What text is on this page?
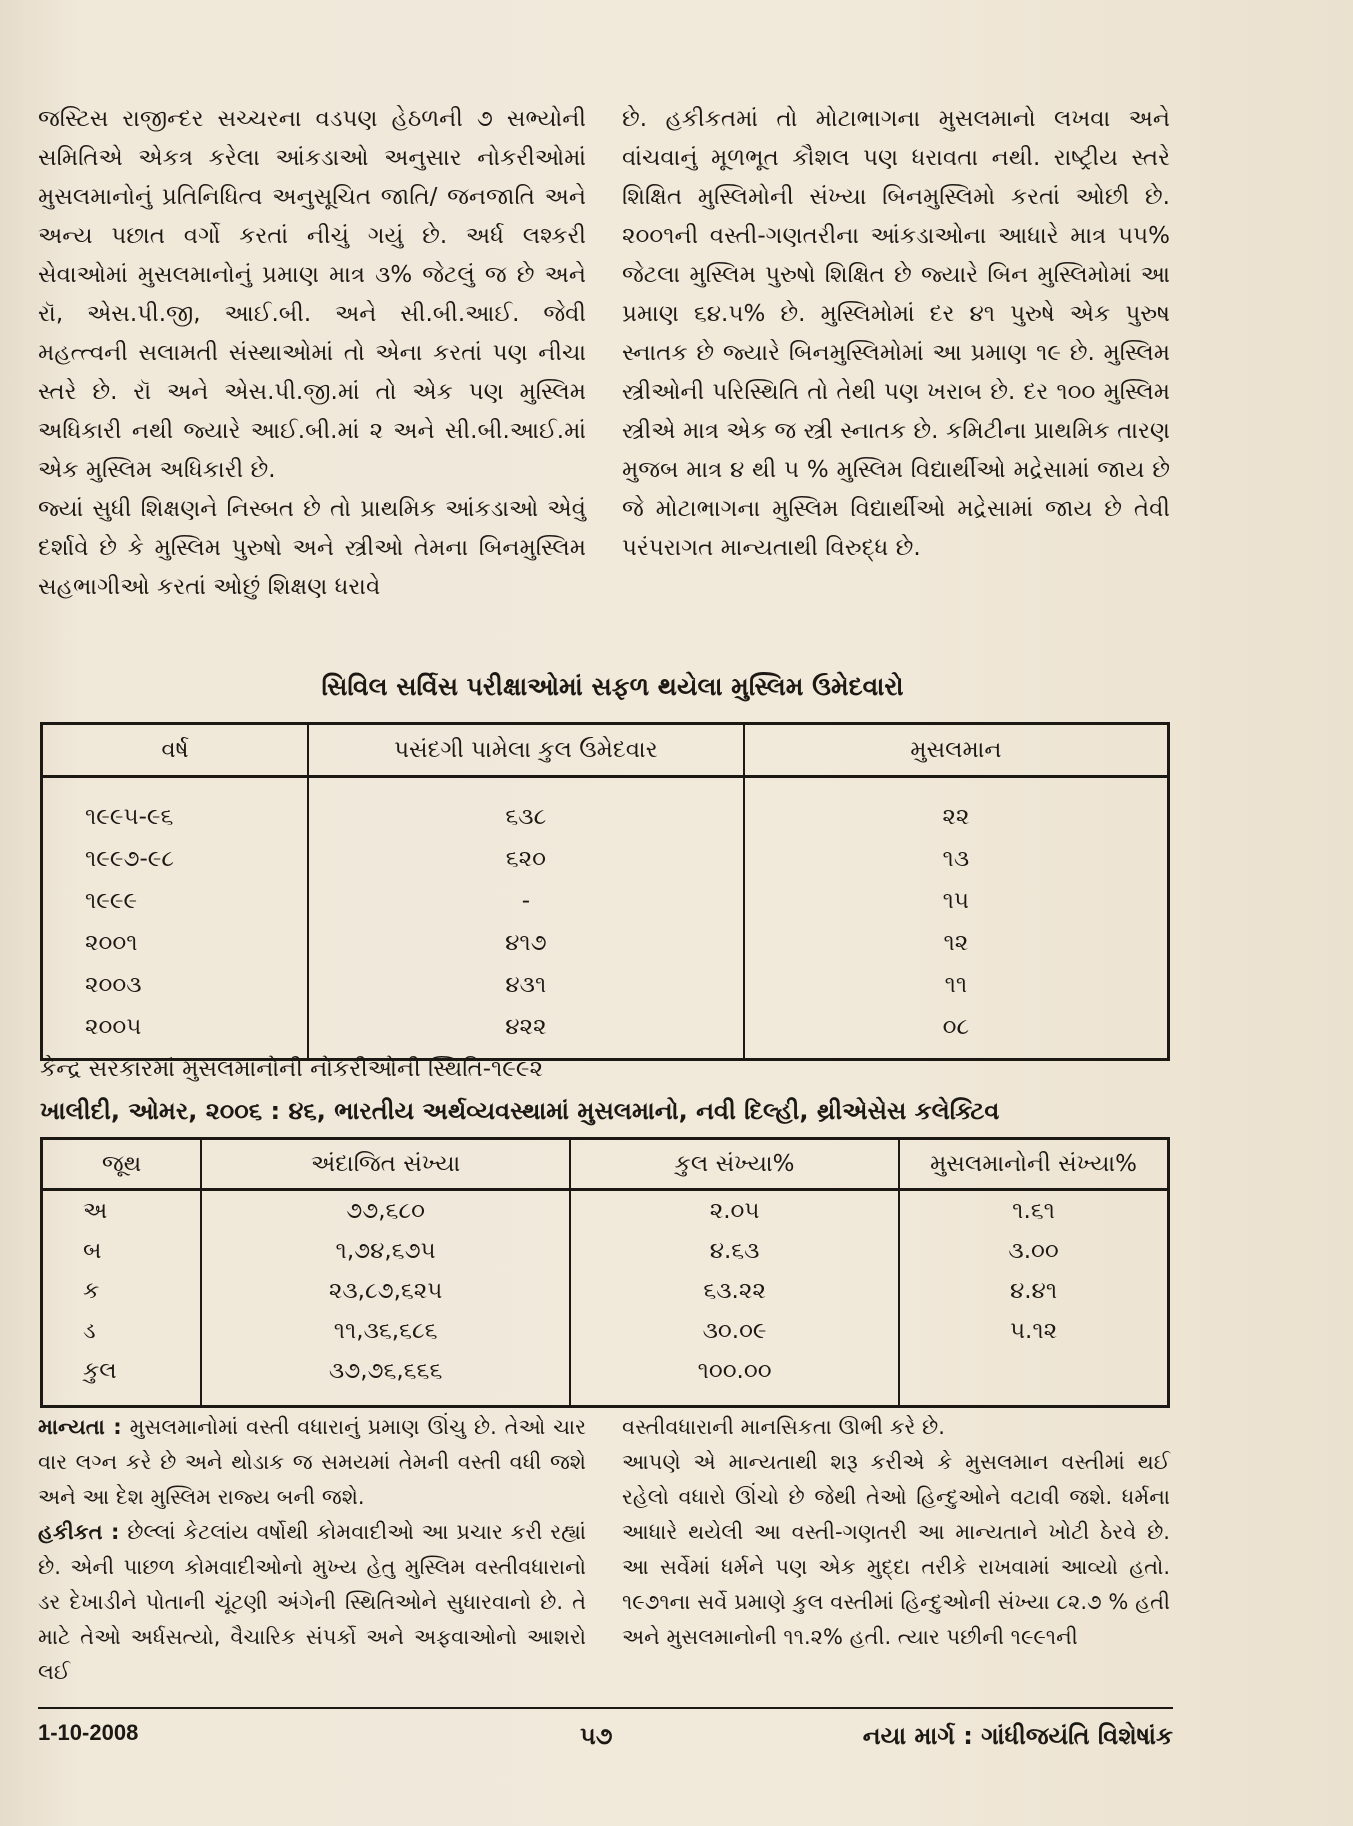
જસ્ટિસ રાજીન્દર સચ્ચરના વડપણ હેઠળની ૭ સભ્યોની સમિતિએ એકત્ર કરેલા આંકડાઓ અનુસાર નોકરીઓમાં મુસલમાનોનું પ્રતિનિધિત્વ અનુસૂચિત જાતિ/ જનજાતિ અને અન્ય પછાત વર્ગો કરતાં નીચું ગયું છે. અર્ધ લશ્કરી સેવાઓમાં મુસલમાનોનું પ્રમાણ માત્ર ૩% જેટલું જ છે અને રૉ, એસ.પી.જી, આઈ.બી. અને સી.બી.આઈ. જેવી મહત્ત્વની સલામતી સંસ્થાઓમાં તો એના કરતાં પણ નીચા સ્તરે છે. રૉ અને એસ.પી.જી.માં તો એક પણ મુસ્લિમ અધિકારી નથી જ્યારે આઈ.બી.માં ૨ અને સી.બી.આઈ.માં એક મુસ્લિમ અધિકારી છે.

જ્યાં સુધી શિક્ષણને નિસ્બત છે તો પ્રાથમિક આંકડાઓ એવું દર્શાવે છે કે મુસ્લિમ પુરુષો અને સ્ત્રીઓ તેમના બિનમુસ્લિમ સહભાગીઓ કરતાં ઓછું શિક્ષણ ધરાવે

છે. હકીકતમાં તો મોટાભાગના મુસલમાનો લખવા અને વાંચવાનું મૂળભૂત કૌશલ પણ ધરાવતા નથી. રાષ્ટ્રીય સ્તરે શિક્ષિત મુસ્લિમોની સંખ્યા બિનમુસ્લિમો કરતાં ઓછી છે. ૨૦૦૧ની વસ્તી-ગણતરીના આંકડાઓના આધારે માત્ર ૫૫% જેટલા મુસ્લિમ પુરુષો શિક્ષિત છે જ્યારે બિન મુસ્લિમોમાં આ પ્રમાણ ૬૪.૫% છે. મુસ્લિમોમાં દર ૪૧ પુરુષે એક પુરુષ સ્નાતક છે જ્યારે બિનમુસ્લિમોમાં આ પ્રમાણ ૧૯ છે. મુસ્લિમ સ્ત્રીઓની પરિસ્થિતિ તો તેથી પણ ખરાબ છે. દર ૧૦૦ મુસ્લિમ સ્ત્રીએ માત્ર એક જ સ્ત્રી સ્નાતક છે. કમિટીના પ્રાથમિક તારણ મુજબ માત્ર ૪ થી ૫ % મુસ્લિમ વિદ્યાર્થીઓ મદ્રેસામાં જાય છે જે મોટાભાગના મુસ્લિમ વિદ્યાર્થીઓ મદ્રેસામાં જાય છે તેવી પરંપરાગત માન્યતાથી વિરુદ્ધ છે.

સિવિલ સર્વિસ પરીક્ષાઓમાં સફળ થયેલા મુસ્લિમ ઉમેદવારો
વર્ષ	પસંદગી પામેલા કુલ ઉમેદવાર	મુસલમાન
૧૯૯૫-૯૬	૬૩૮	૨૨
૧૯૯૭-૯૮	૬૨૦	૧૩
૧૯૯૯	-	૧૫
૨૦૦૧	૪૧૭	૧૨
૨૦૦૩	૪૩૧	૧૧
૨૦૦૫	૪૨૨	૦૮
કેન્દ્ર સરકારમાં મુસલમાનોની નોકરીઓની સ્થિતિ-૧૯૯૨
ખાલીદી, ઓમર, ૨૦૦૬ : ૪૬, ભારતીય અર્થવ્યવસ્થામાં મુસલમાનો, નવી દિલ્હી, થ્રીએસેસ કલેક્ટિવ
જૂથ	અંદાજિત સંખ્યા	કુલ સંખ્યા%	મુસલમાનોની સંખ્યા%
અ	૭૭,૬૮૦	૨.૦૫	૧.૬૧
બ	૧,૭૪,૬૭૫	૪.૬૩	૩.૦૦
ક	૨૩,૮૭,૬૨૫	૬૩.૨૨	૪.૪૧
ડ	૧૧,૩૬,૬૮૬	૩૦.૦૯	૫.૧૨
કુલ	૩૭,૭૬,૬૬૬	૧૦૦.૦૦	

માન્યતા : મુસલમાનોમાં વસ્તી વધારાનું પ્રમાણ ઊંચુ છે. તેઓ ચાર વાર લગ્ન કરે છે અને થોડાક જ સમયમાં તેમની વસ્તી વધી જશે અને આ દેશ મુસ્લિમ રાજ્ય બની જશે.

હકીકત : છેલ્લાં કેટલાંય વર્ષોથી કોમવાદીઓ આ પ્રચાર કરી રહ્યાં છે. એની પાછળ કોમવાદીઓનો મુખ્ય હેતુ મુસ્લિમ વસ્તીવધારાનો ડર દેખાડીને પોતાની ચૂંટણી અંગેની સ્થિતિઓને સુધારવાનો છે. તે માટે તેઓ અર્ધસત્યો, વૈચારિક સંપર્કો અને અફવાઓનો આશરો લઈ

વસ્તીવધારાની માનસિકતા ઊભી કરે છે.

આપણે એ માન્યતાથી શરૂ કરીએ કે મુસલમાન વસ્તીમાં થઈ રહેલો વધારો ઊંચો છે જેથી તેઓ હિન્દુઓને વટાવી જશે. ધર્મના આધારે થયેલી આ વસ્તી-ગણતરી આ માન્યતાને ખોટી ઠેરવે છે. આ સર્વેમાં ધર્મને પણ એક મુદ્દા તરીકે રાખવામાં આવ્યો હતો. ૧૯૭૧ના સર્વે પ્રમાણે કુલ વસ્તીમાં હિન્દુઓની સંખ્યા ૮૨.૭ % હતી અને મુસલમાનોની ૧૧.૨% હતી. ત્યાર પછીની ૧૯૯૧ની

1-10-2008	૫૭	નયા માર્ગ : ગાંધીજયંતિ વિશેષાંક
